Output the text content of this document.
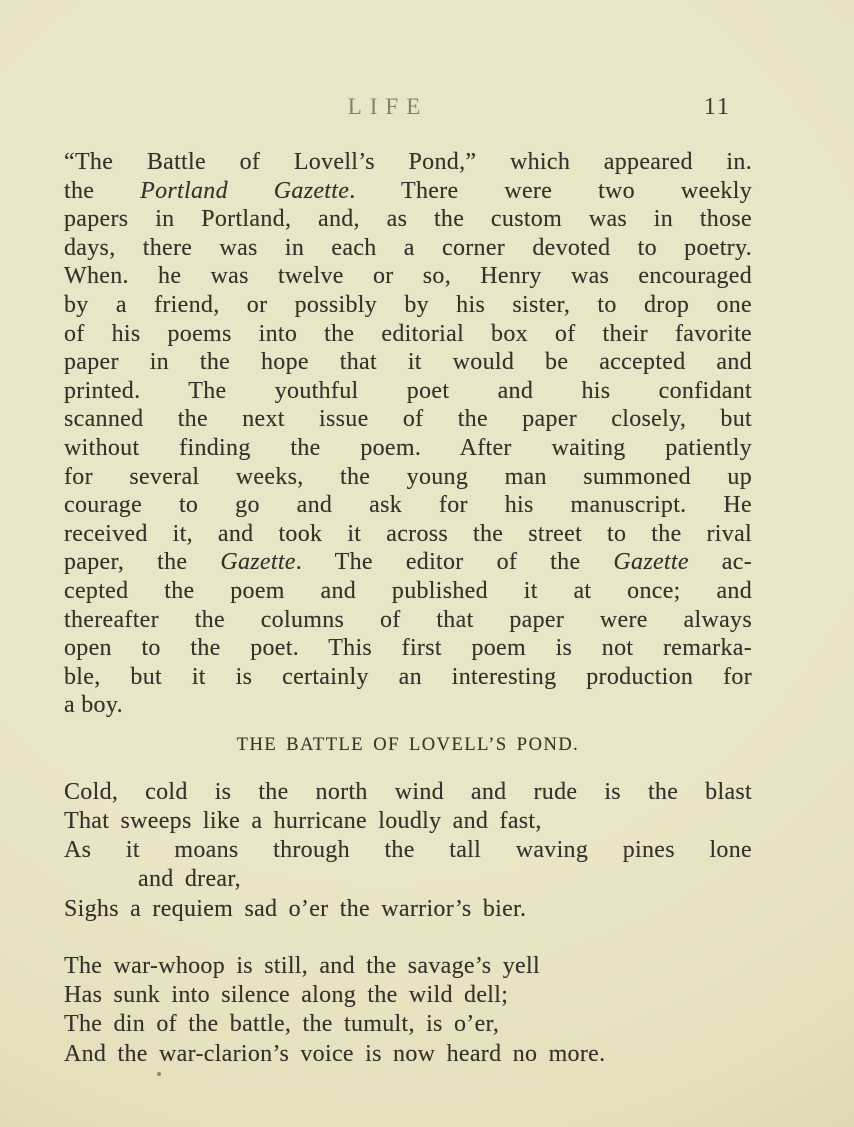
LIFE	11
“The Battle of Lovell’s Pond,” which appeared in.
the Portland Gazette. There were two weekly
papers in Portland, and, as the custom was in those
days, there was in each a corner devoted to poetry.
When. he was twelve or so, Henry was encouraged
by a friend, or possibly by his sister, to drop one
of his poems into the editorial box of their favorite
paper in the hope that it would be accepted and
printed. The youthful poet and his confidant
scanned the next issue of the paper closely, but
without finding the poem. After waiting patiently
for several weeks, the young man summoned up
courage to go and ask for his manuscript. He
received it, and took it across the street to the rival
paper, the Gazette. The editor of the Gazette ac-
cepted the poem and published it at once; and
thereafter the columns of that paper were always
open to the poet. This first poem is not remarka-
ble, but it is certainly an interesting production for
a boy.
THE BATTLE OF LOVELL’S POND.
Cold, cold is the north wind and rude is the blast
That sweeps like a hurricane loudly and fast,
As it moans through the tall waving pines lone
and drear,
Sighs a requiem sad o’er the warrior’s bier.
The war-whoop is still, and the savage’s yell
Has sunk into silence along the wild dell;
The din of the battle, the tumult, is o’er,
And the war-clarion’s voice is now heard no more.
